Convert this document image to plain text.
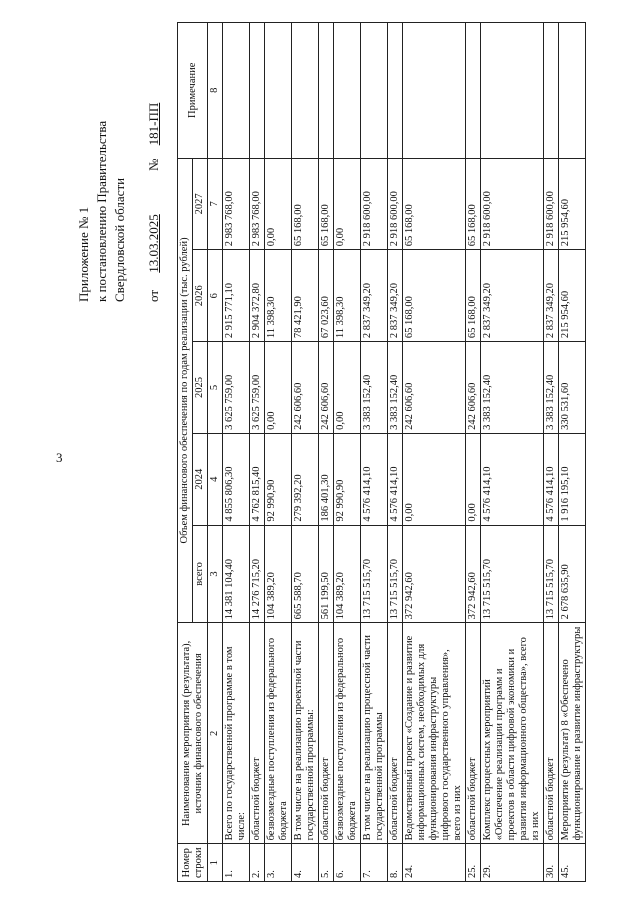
3
Приложение № 1 к постановлению Правительства Свердловской области от 13.03.2025 № 181-ПП
Номер строки	Наименование мероприятия (результата), источник финансового обеспечения	Объем финансового обеспечения по годам реализации (тыс. рублей)					Примечание
		всего	2024	2025	2026	2027	

1	2	3	4	5	6	7	8
1.	Всего по государственной программе в том числе:	14 381 104,40	4 855 806,30	3 625 759,00	2 915 771,10	2 983 768,00	
2.	областной бюджет	14 276 715,20	4 762 815,40	3 625 759,00	2 904 372,80	2 983 768,00	
3.	безвозмездные поступления из федерального бюджета	104 389,20	92 990,90	0,00	11 398,30	0,00	
4.	В том числе на реализацию проектной части государственной программы:	665 588,70	279 392,20	242 606,60	78 421,90	65 168,00	
5.	областной бюджет	561 199,50	186 401,30	242 606,60	67 023,60	65 168,00	
6.	безвозмездные поступления из федерального бюджета	104 389,20	92 990,90	0,00	11 398,30	0,00	
7.	В том числе на реализацию процессной части государственной программы	13 715 515,70	4 576 414,10	3 383 152,40	2 837 349,20	2 918 600,00	
8.	областной бюджет	13 715 515,70	4 576 414,10	3 383 152,40	2 837 349,20	2 918 600,00	
24.	Ведомственный проект «Создание и развитие информационных систем, необходимых для функционирования инфраструктуры цифрового государственного управления», всего из них	372 942,60	0,00	242 606,60	65 168,00	65 168,00	
25.	областной бюджет	372 942,60	0,00	242 606,60	65 168,00	65 168,00	
29.	Комплекс процессных мероприятий «Обеспечение реализации программ и проектов в области цифровой экономики и развития информационного общества», всего из них	13 715 515,70	4 576 414,10	3 383 152,40	2 837 349,20	2 918 600,00	
30.	областной бюджет	13 715 515,70	4 576 414,10	3 383 152,40	2 837 349,20	2 918 600,00	
45.	Мероприятие (результат) 8 «Обеспечено функционирование и развитие инфраструктуры	2 678 635,90	1 916 195,10	330 531,60	215 954,60	215 954,60	
